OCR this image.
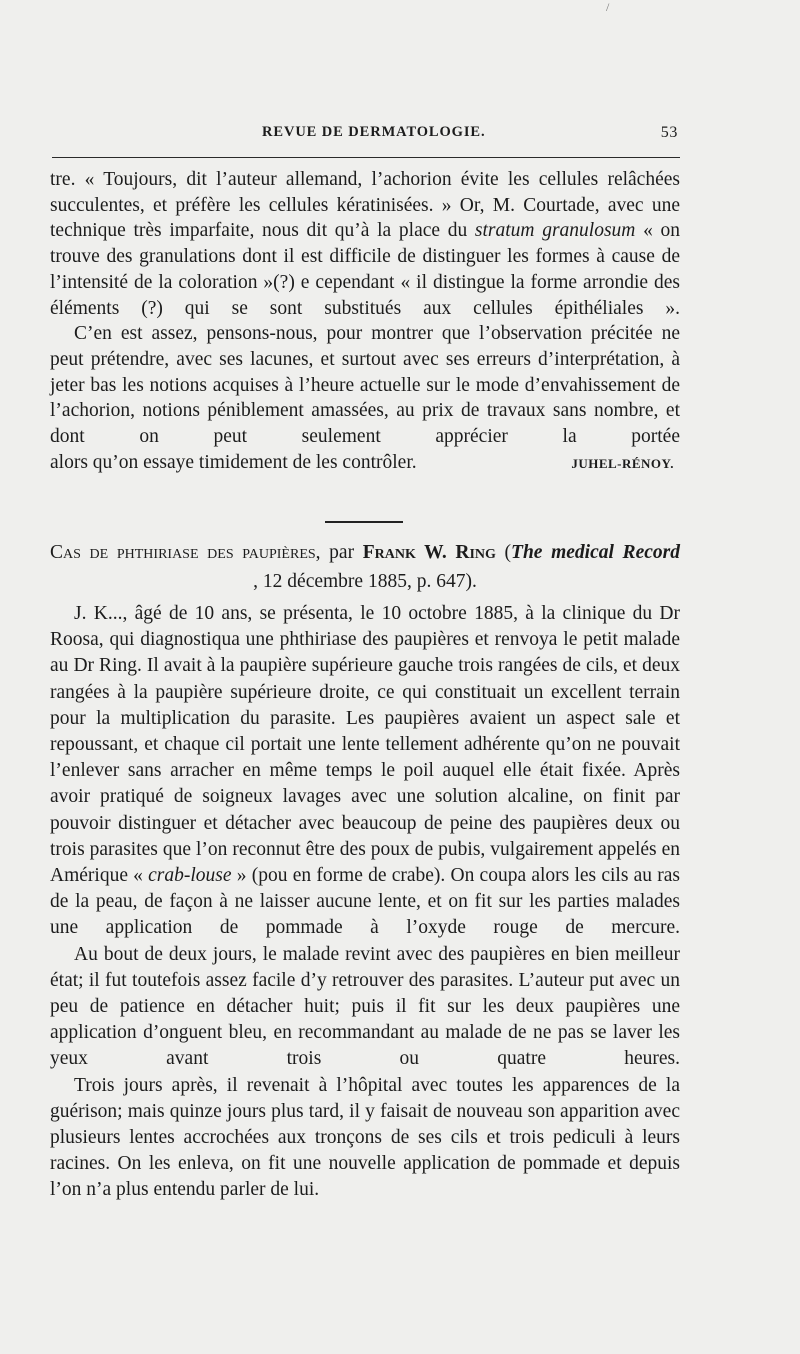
/
REVUE DE DERMATOLOGIE.	53

tre. « Toujours, dit l’auteur allemand, l’achorion évite les cellules relâchées succulentes, et préfère les cellules kératinisées. » Or, M. Courtade, avec une technique très imparfaite, nous dit qu’à la place du stratum granulosum « on trouve des granulations dont il est difficile de distinguer les formes à cause de l’intensité de la coloration »(?) e cependant « il distingue la forme arrondie des éléments (?) qui se sont substitués aux cellules épithéliales ».

C’en est assez, pensons-nous, pour montrer que l’observation précitée ne peut prétendre, avec ses lacunes, et surtout avec ses erreurs d’interprétation, à jeter bas les notions acquises à l’heure actuelle sur le mode d’envahissement de l’achorion, notions péniblement amassées, au prix de travaux sans nombre, et dont on peut seulement apprécier la portée

alors qu’on essaye timidement de les contrôler.	JUHEL-RÉNOY.
Cas de phthiriase des paupières, par Frank W. Ring (The medical Record
, 12 décembre 1885, p. 647).

J. K..., âgé de 10 ans, se présenta, le 10 octobre 1885, à la clinique du Dr Roosa, qui diagnostiqua une phthiriase des paupières et renvoya le petit malade au Dr Ring. Il avait à la paupière supérieure gauche trois rangées de cils, et deux rangées à la paupière supérieure droite, ce qui constituait un excellent terrain pour la multiplication du parasite. Les paupières avaient un aspect sale et repoussant, et chaque cil portait une lente tellement adhérente qu’on ne pouvait l’enlever sans arracher en même temps le poil auquel elle était fixée. Après avoir pratiqué de soigneux lavages avec une solution alcaline, on finit par pouvoir distinguer et détacher avec beaucoup de peine des paupières deux ou trois parasites que l’on reconnut être des poux de pubis, vulgairement appelés en Amérique « crab-louse » (pou en forme de crabe). On coupa alors les cils au ras de la peau, de façon à ne laisser aucune lente, et on fit sur les parties malades une application de pommade à l’oxyde rouge de mercure.

Au bout de deux jours, le malade revint avec des paupières en bien meilleur état; il fut toutefois assez facile d’y retrouver des parasites. L’auteur put avec un peu de patience en détacher huit; puis il fit sur les deux paupières une application d’onguent bleu, en recommandant au malade de ne pas se laver les yeux avant trois ou quatre heures.

Trois jours après, il revenait à l’hôpital avec toutes les apparences de la guérison; mais quinze jours plus tard, il y faisait de nouveau son apparition avec plusieurs lentes accrochées aux tronçons de ses cils et trois pediculi à leurs racines. On les enleva, on fit une nouvelle application de pommade et depuis l’on n’a plus entendu parler de lui.
